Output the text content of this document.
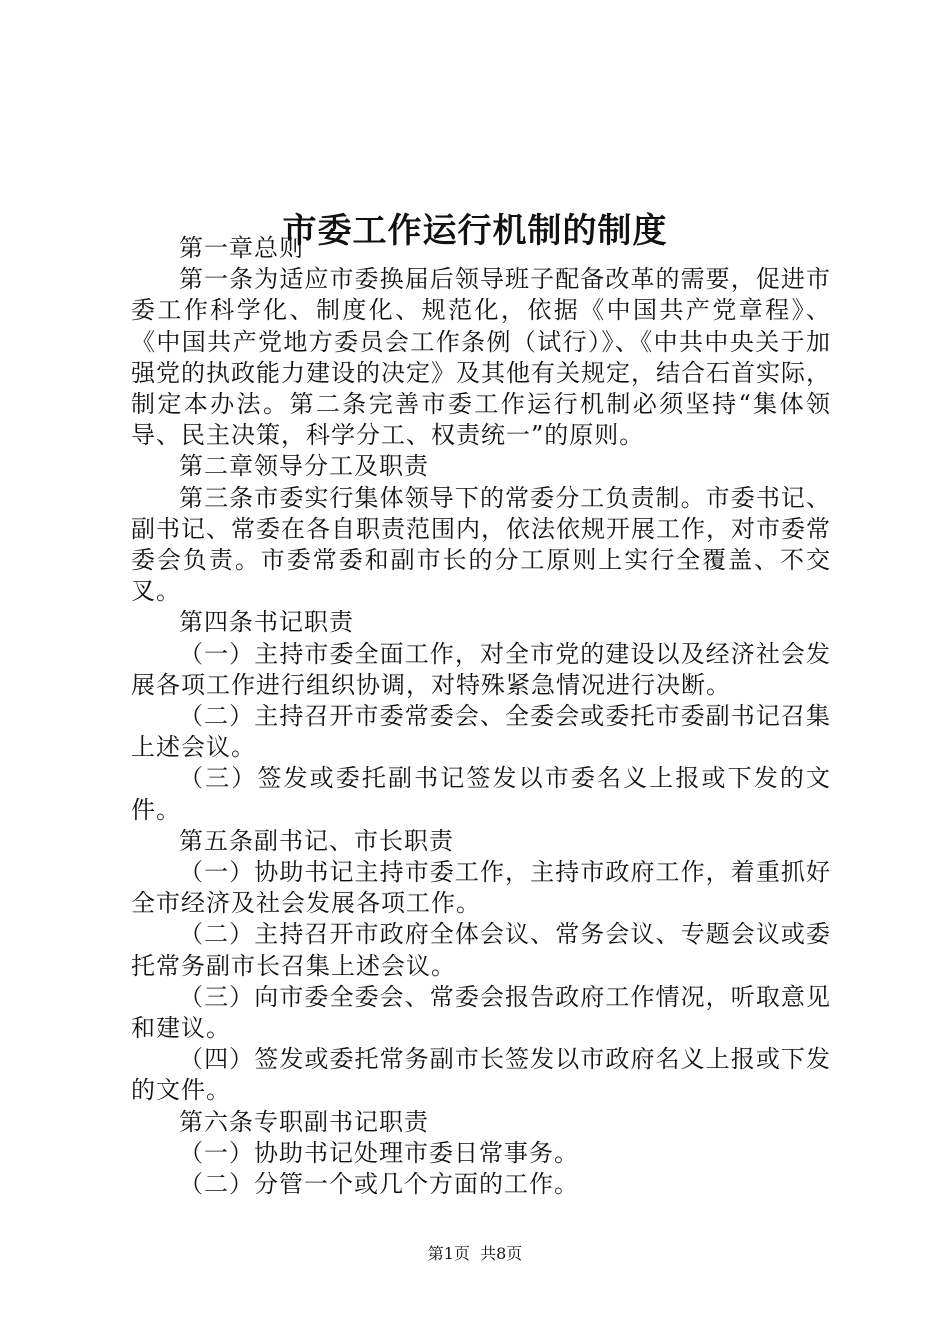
市委工作运行机制的制度

第一章总则

第一条为适应市委换届后领导班子配备改革的需要，促进市委工作科学化、制度化、规范化，依据《中国共产党章程》、《中国共产党地方委员会工作条例（试行）》、《中共中央关于加强党的执政能力建设的决定》及其他有关规定，结合石首实际，制定本办法。第二条完善市委工作运行机制必须坚持“集体领导、民主决策，科学分工、权责统一”的原则。

第二章领导分工及职责

第三条市委实行集体领导下的常委分工负责制。市委书记、副书记、常委在各自职责范围内，依法依规开展工作，对市委常委会负责。市委常委和副市长的分工原则上实行全覆盖、不交叉。

第四条书记职责

（一）主持市委全面工作，对全市党的建设以及经济社会发展各项工作进行组织协调，对特殊紧急情况进行决断。

（二）主持召开市委常委会、全委会或委托市委副书记召集上述会议。

（三）签发或委托副书记签发以市委名义上报或下发的文件。

第五条副书记、市长职责

（一）协助书记主持市委工作，主持市政府工作，着重抓好全市经济及社会发展各项工作。

（二）主持召开市政府全体会议、常务会议、专题会议或委托常务副市长召集上述会议。

（三）向市委全委会、常委会报告政府工作情况，听取意见和建议。

（四）签发或委托常务副市长签发以市政府名义上报或下发的文件。

第六条专职副书记职责

（一）协助书记处理市委日常事务。

（二）分管一个或几个方面的工作。

第1页 共8页
